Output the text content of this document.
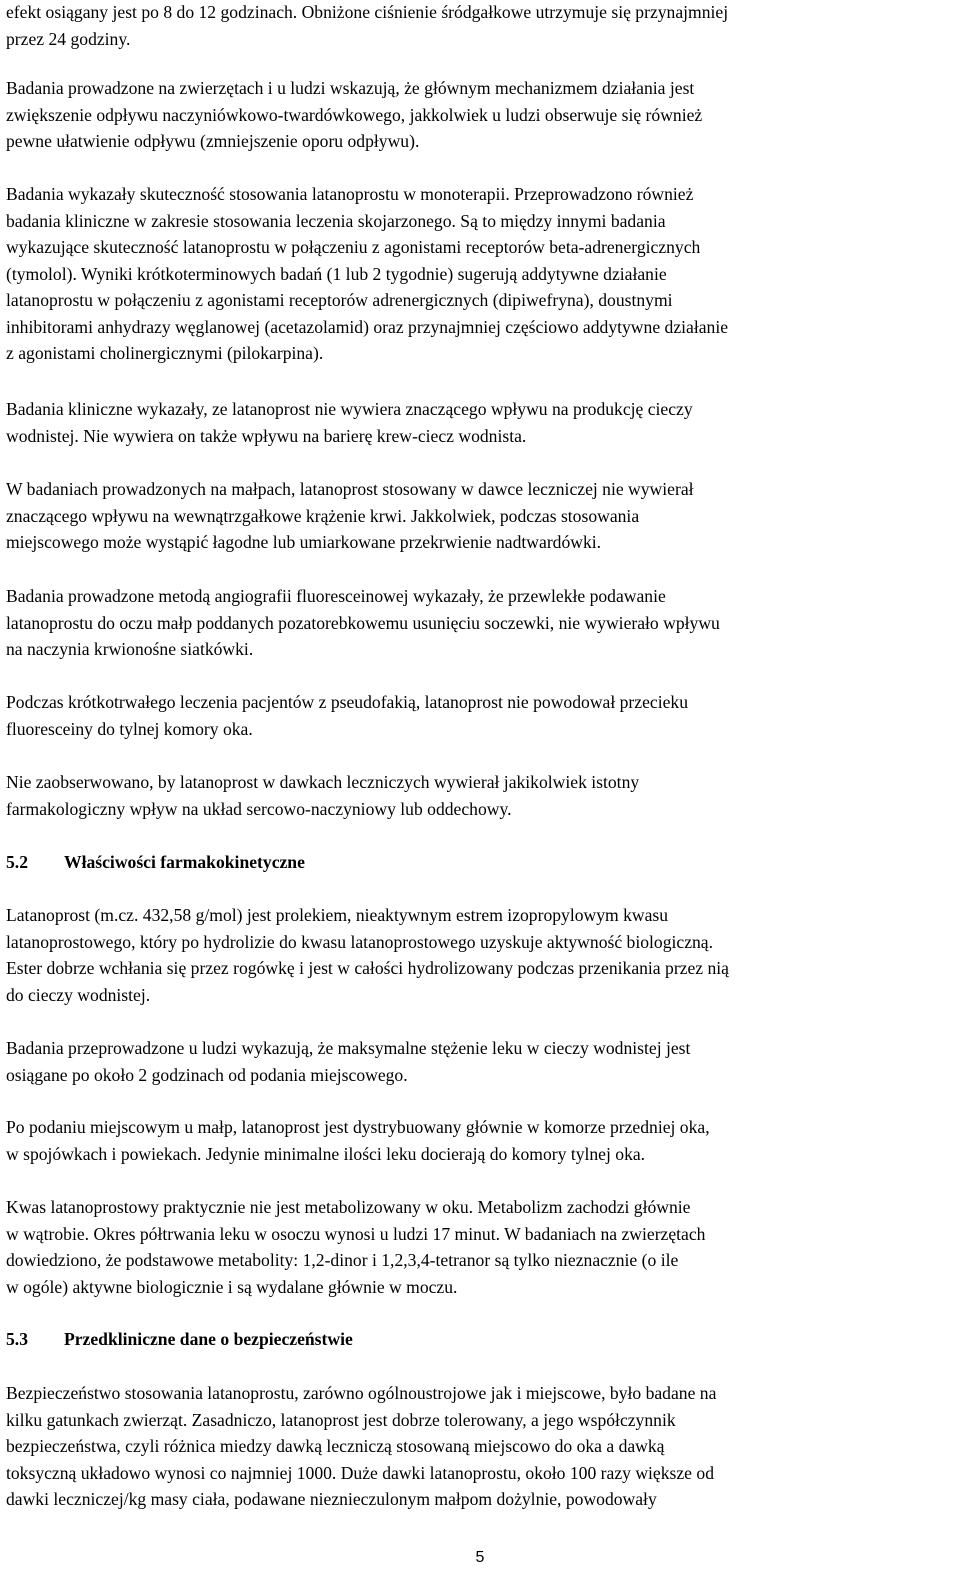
efekt osiągany jest po 8 do 12 godzinach. Obniżone ciśnienie śródgałkowe utrzymuje się przynajmniej
przez 24 godziny.

Badania prowadzone na zwierzętach i u ludzi wskazują, że głównym mechanizmem działania jest
zwiększenie odpływu naczyniówkowo-twardówkowego, jakkolwiek u ludzi obserwuje się również
pewne ułatwienie odpływu (zmniejszenie oporu odpływu).

Badania wykazały skuteczność stosowania latanoprostu w monoterapii. Przeprowadzono również
badania kliniczne w zakresie stosowania leczenia skojarzonego. Są to między innymi badania
wykazujące skuteczność latanoprostu w połączeniu z agonistami receptorów beta-adrenergicznych
(tymolol). Wyniki krótkoterminowych badań (1 lub 2 tygodnie) sugerują addytywne działanie
latanoprostu w połączeniu z agonistami receptorów adrenergicznych (dipiwefryna), doustnymi
inhibitorami anhydrazy węglanowej (acetazolamid) oraz przynajmniej częściowo addytywne działanie
z agonistami cholinergicznymi (pilokarpina).

Badania kliniczne wykazały, ze latanoprost nie wywiera znaczącego wpływu na produkcję cieczy
wodnistej. Nie wywiera on także wpływu na barierę krew-ciecz wodnista.

W badaniach prowadzonych na małpach, latanoprost stosowany w dawce leczniczej nie wywierał
znaczącego wpływu na wewnątrzgałkowe krążenie krwi. Jakkolwiek, podczas stosowania
miejscowego może wystąpić łagodne lub umiarkowane przekrwienie nadtwardówki.

Badania prowadzone metodą angiografii fluoresceinowej wykazały, że przewlekłe podawanie
latanoprostu do oczu małp poddanych pozatorebkowemu usunięciu soczewki, nie wywierało wpływu
na naczynia krwionośne siatkówki.

Podczas krótkotrwałego leczenia pacjentów z pseudofakią, latanoprost nie powodował przecieku
fluoresceiny do tylnej komory oka.

Nie zaobserwowano, by latanoprost w dawkach leczniczych wywierał jakikolwiek istotny
farmakologiczny wpływ na układ sercowo-naczyniowy lub oddechowy.

5.2	Właściwości farmakokinetyczne

Latanoprost (m.cz. 432,58 g/mol) jest prolekiem, nieaktywnym estrem izopropylowym kwasu
latanoprostowego, który po hydrolizie do kwasu latanoprostowego uzyskuje aktywność biologiczną.
Ester dobrze wchłania się przez rogówkę i jest w całości hydrolizowany podczas przenikania przez nią
do cieczy wodnistej.

Badania przeprowadzone u ludzi wykazują, że maksymalne stężenie leku w cieczy wodnistej jest
osiągane po około 2 godzinach od podania miejscowego.

Po podaniu miejscowym u małp, latanoprost jest dystrybuowany głównie w komorze przedniej oka,
w spojówkach i powiekach. Jedynie minimalne ilości leku docierają do komory tylnej oka.

Kwas latanoprostowy praktycznie nie jest metabolizowany w oku. Metabolizm zachodzi głównie
w wątrobie. Okres półtrwania leku w osoczu wynosi u ludzi 17 minut. W badaniach na zwierzętach
dowiedziono, że podstawowe metabolity: 1,2-dinor i 1,2,3,4-tetranor są tylko nieznacznie (o ile
w ogóle) aktywne biologicznie i są wydalane głównie w moczu.

5.3	Przedkliniczne dane o bezpieczeństwie

Bezpieczeństwo stosowania latanoprostu, zarówno ogólnoustrojowe jak i miejscowe, było badane na
kilku gatunkach zwierząt. Zasadniczo, latanoprost jest dobrze tolerowany, a jego współczynnik
bezpieczeństwa, czyli różnica miedzy dawką leczniczą stosowaną miejscowo do oka a dawką
toksyczną układowo wynosi co najmniej 1000. Duże dawki latanoprostu, około 100 razy większe od
dawki leczniczej/kg masy ciała, podawane nieznieczulonym małpom dożylnie, powodowały

5
